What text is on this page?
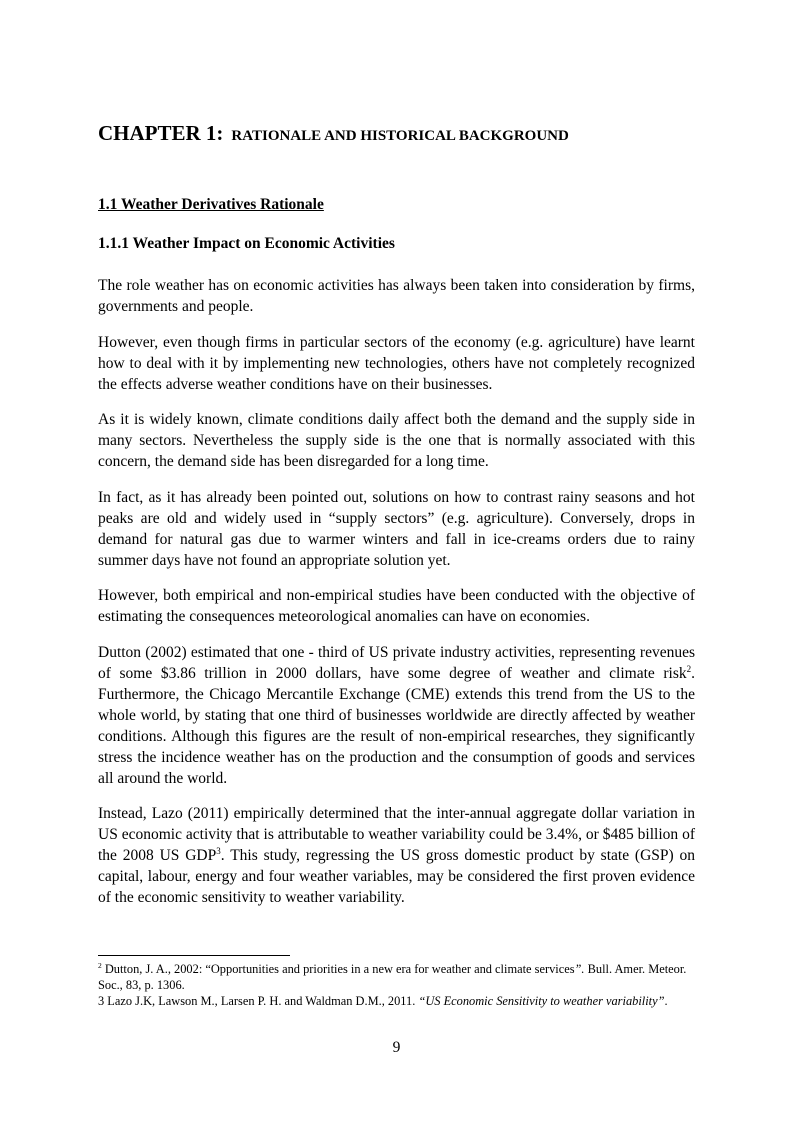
CHAPTER 1: RATIONALE AND HISTORICAL BACKGROUND
1.1 Weather Derivatives Rationale
1.1.1 Weather Impact on Economic Activities

The role weather has on economic activities has always been taken into consideration by firms, governments and people.

However, even though firms in particular sectors of the economy (e.g. agriculture) have learnt how to deal with it by implementing new technologies, others have not completely recognized the effects adverse weather conditions have on their businesses.

As it is widely known, climate conditions daily affect both the demand and the supply side in many sectors. Nevertheless the supply side is the one that is normally associated with this concern, the demand side has been disregarded for a long time.

In fact, as it has already been pointed out, solutions on how to contrast rainy seasons and hot peaks are old and widely used in “supply sectors” (e.g. agriculture). Conversely, drops in demand for natural gas due to warmer winters and fall in ice-creams orders due to rainy summer days have not found an appropriate solution yet.

However, both empirical and non-empirical studies have been conducted with the objective of estimating the consequences meteorological anomalies can have on economies.

Dutton (2002) estimated that one - third of US private industry activities, representing revenues of some $3.86 trillion in 2000 dollars, have some degree of weather and climate risk$^2$. Furthermore, the Chicago Mercantile Exchange (CME) extends this trend from the US to the whole world, by stating that one third of businesses worldwide are directly affected by weather conditions. Although this figures are the result of non-empirical researches, they significantly stress the incidence weather has on the production and the consumption of goods and services all around the world.

Instead, Lazo (2011) empirically determined that the inter-annual aggregate dollar variation in US economic activity that is attributable to weather variability could be 3.4%, or $485 billion of the 2008 US GDP$^3$. This study, regressing the US gross domestic product by state (GSP) on capital, labour, energy and four weather variables, may be considered the first proven evidence of the economic sensitivity to weather variability.

$^2$ Dutton, J. A., 2002: “Opportunities and priorities in a new era for weather and climate services”. Bull. Amer. Meteor. Soc., 83, p. 1306.

3 Lazo J.K, Lawson M., Larsen P. H. and Waldman D.M., 2011. “US Economic Sensitivity to weather variability”.

9
